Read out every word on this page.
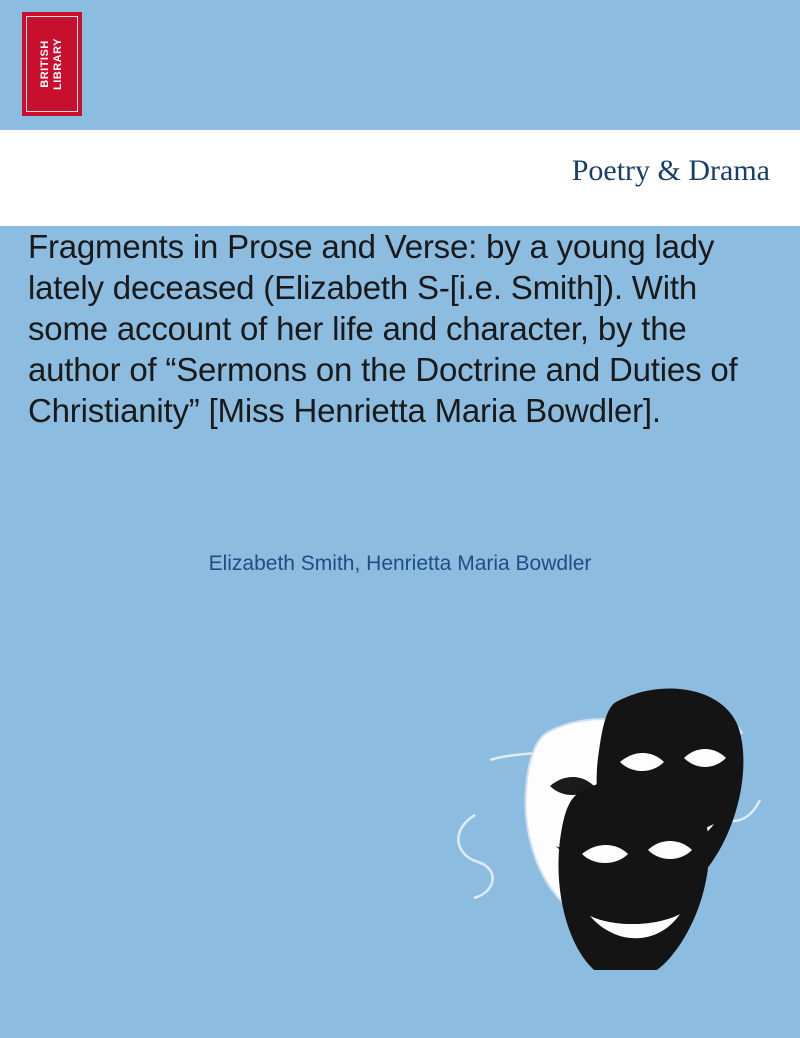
BRITISH LIBRARY
Poetry & Drama
Fragments in Prose and Verse: by a young lady lately deceased (Elizabeth S-[i.e. Smith]). With some account of her life and character, by the author of “Sermons on the Doctrine and Duties of Christianity” [Miss Henrietta Maria Bowdler].
Elizabeth Smith, Henrietta Maria Bowdler
